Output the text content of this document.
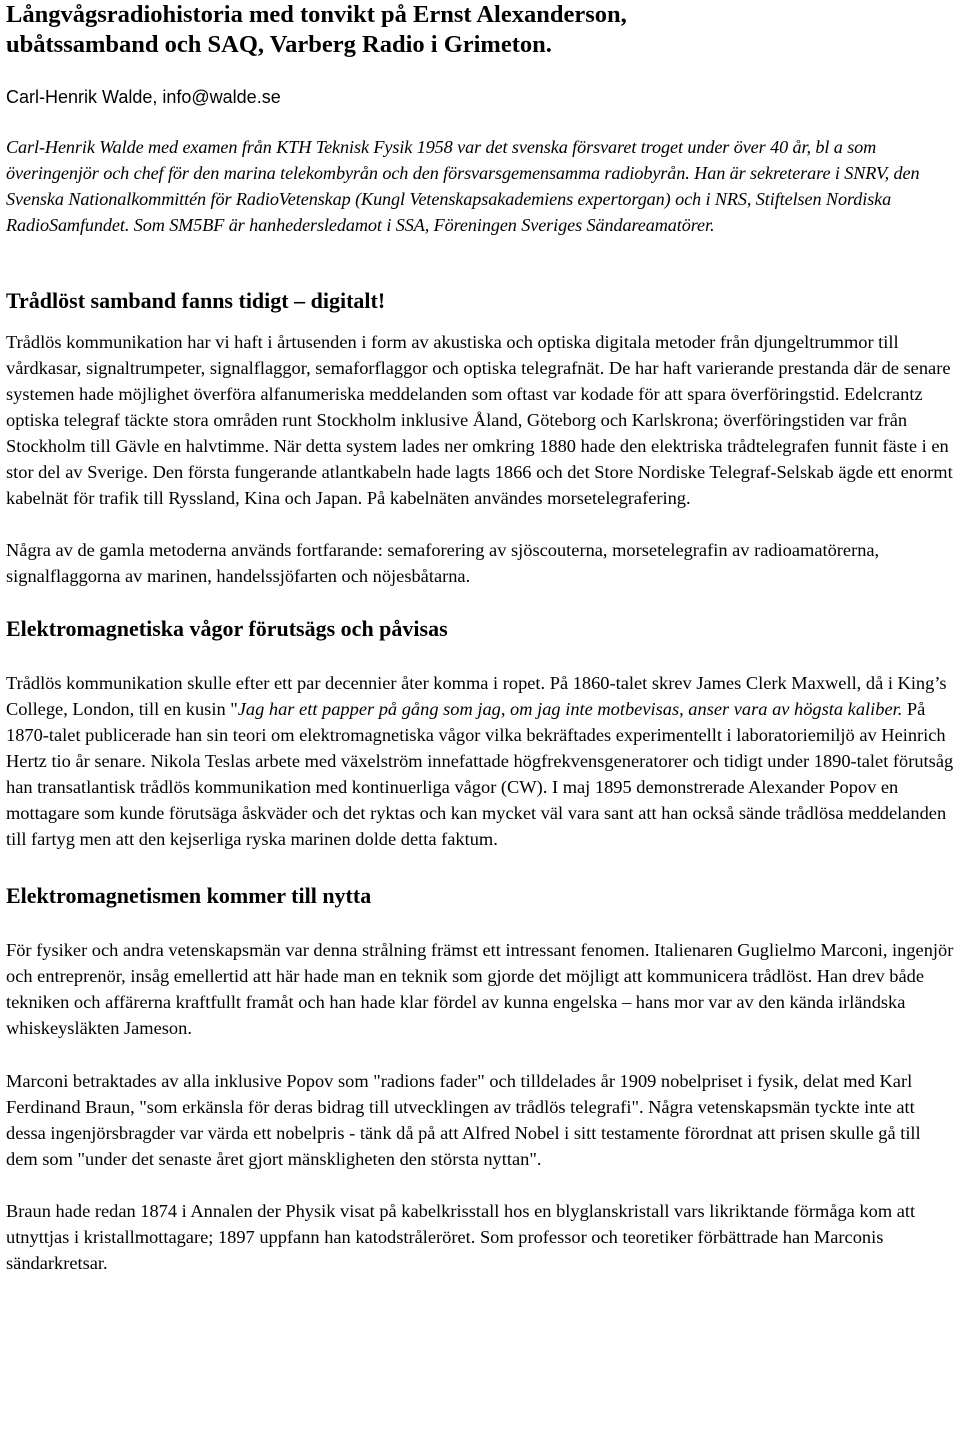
Långvågsradiohistoria med tonvikt på Ernst Alexanderson,
ubåtssamband och SAQ, Varberg Radio i Grimeton.

Carl-Henrik Walde, info@walde.se

Carl-Henrik Walde med examen från KTH Teknisk Fysik 1958 var det svenska försvaret troget under över 40 år, bl a som överingenjör och chef för den marina telekombyrån och den försvarsgemensamma radiobyrån. Han är sekreterare i SNRV, den Svenska Nationalkommittén för RadioVetenskap (Kungl Vetenskapsakademiens expertorgan) och i NRS, Stiftelsen Nordiska RadioSamfundet. Som SM5BF är hanhedersledamot i SSA, Föreningen Sveriges Sändareamatörer.

Trådlöst samband fanns tidigt – digitalt!

Trådlös kommunikation har vi haft i årtusenden i form av akustiska och optiska digitala metoder från djungeltrummor till vårdkasar, signaltrumpeter, signalflaggor, semaforflaggor och optiska telegrafnät. De har haft varierande prestanda där de senare systemen hade möjlighet överföra alfanumeriska meddelanden som oftast var kodade för att spara överföringstid. Edelcrantz optiska telegraf täckte stora områden runt Stockholm inklusive Åland, Göteborg och Karlskrona; överföringstiden var från Stockholm till Gävle en halvtimme. När detta system lades ner omkring 1880 hade den elektriska trådtelegrafen funnit fäste i en stor del av Sverige. Den första fungerande atlantkabeln hade lagts 1866 och det Store Nordiske Telegraf-Selskab ägde ett enormt kabelnät för trafik till Ryssland, Kina och Japan. På kabelnäten användes morsetelegrafering.

Några av de gamla metoderna används fortfarande: semaforering av sjöscouterna, morsetelegrafin av radioamatörerna, signalflaggorna av marinen, handelssjöfarten och nöjesbåtarna.

Elektromagnetiska vågor förutsägs och påvisas

Trådlös kommunikation skulle efter ett par decennier åter komma i ropet. På 1860-talet skrev James Clerk Maxwell, då i King’s College, London, till en kusin "Jag har ett papper på gång som jag, om jag inte motbevisas, anser vara av högsta kaliber. På 1870-talet publicerade han sin teori om elektromagnetiska vågor vilka bekräftades experimentellt i laboratoriemiljö av Heinrich Hertz tio år senare. Nikola Teslas arbete med växelström innefattade högfrekvensgeneratorer och tidigt under 1890-talet förutsåg han transatlantisk trådlös kommunikation med kontinuerliga vågor (CW). I maj 1895 demonstrerade Alexander Popov en mottagare som kunde förutsäga åskväder och det ryktas och kan mycket väl vara sant att han också sände trådlösa meddelanden till fartyg men att den kejserliga ryska marinen dolde detta faktum.

Elektromagnetismen kommer till nytta

För fysiker och andra vetenskapsmän var denna strålning främst ett intressant fenomen. Italienaren Guglielmo Marconi, ingenjör och entreprenör, insåg emellertid att här hade man en teknik som gjorde det möjligt att kommunicera trådlöst. Han drev både tekniken och affärerna kraftfullt framåt och han hade klar fördel av kunna engelska – hans mor var av den kända irländska whiskeysläkten Jameson.

Marconi betraktades av alla inklusive Popov som "radions fader" och tilldelades år 1909 nobelpriset i fysik, delat med Karl Ferdinand Braun, "som erkänsla för deras bidrag till utvecklingen av trådlös telegrafi". Några vetenskapsmän tyckte inte att dessa ingenjörsbragder var värda ett nobelpris - tänk då på att Alfred Nobel i sitt testamente förordnat att prisen skulle gå till dem som "under det senaste året gjort mänskligheten den största nyttan".

Braun hade redan 1874 i Annalen der Physik visat på kabelkrisstall hos en blyglanskristall vars likriktande förmåga kom att utnyttjas i kristallmottagare; 1897 uppfann han katodstråleröret. Som professor och teoretiker förbättrade han Marconis sändarkretsar.
